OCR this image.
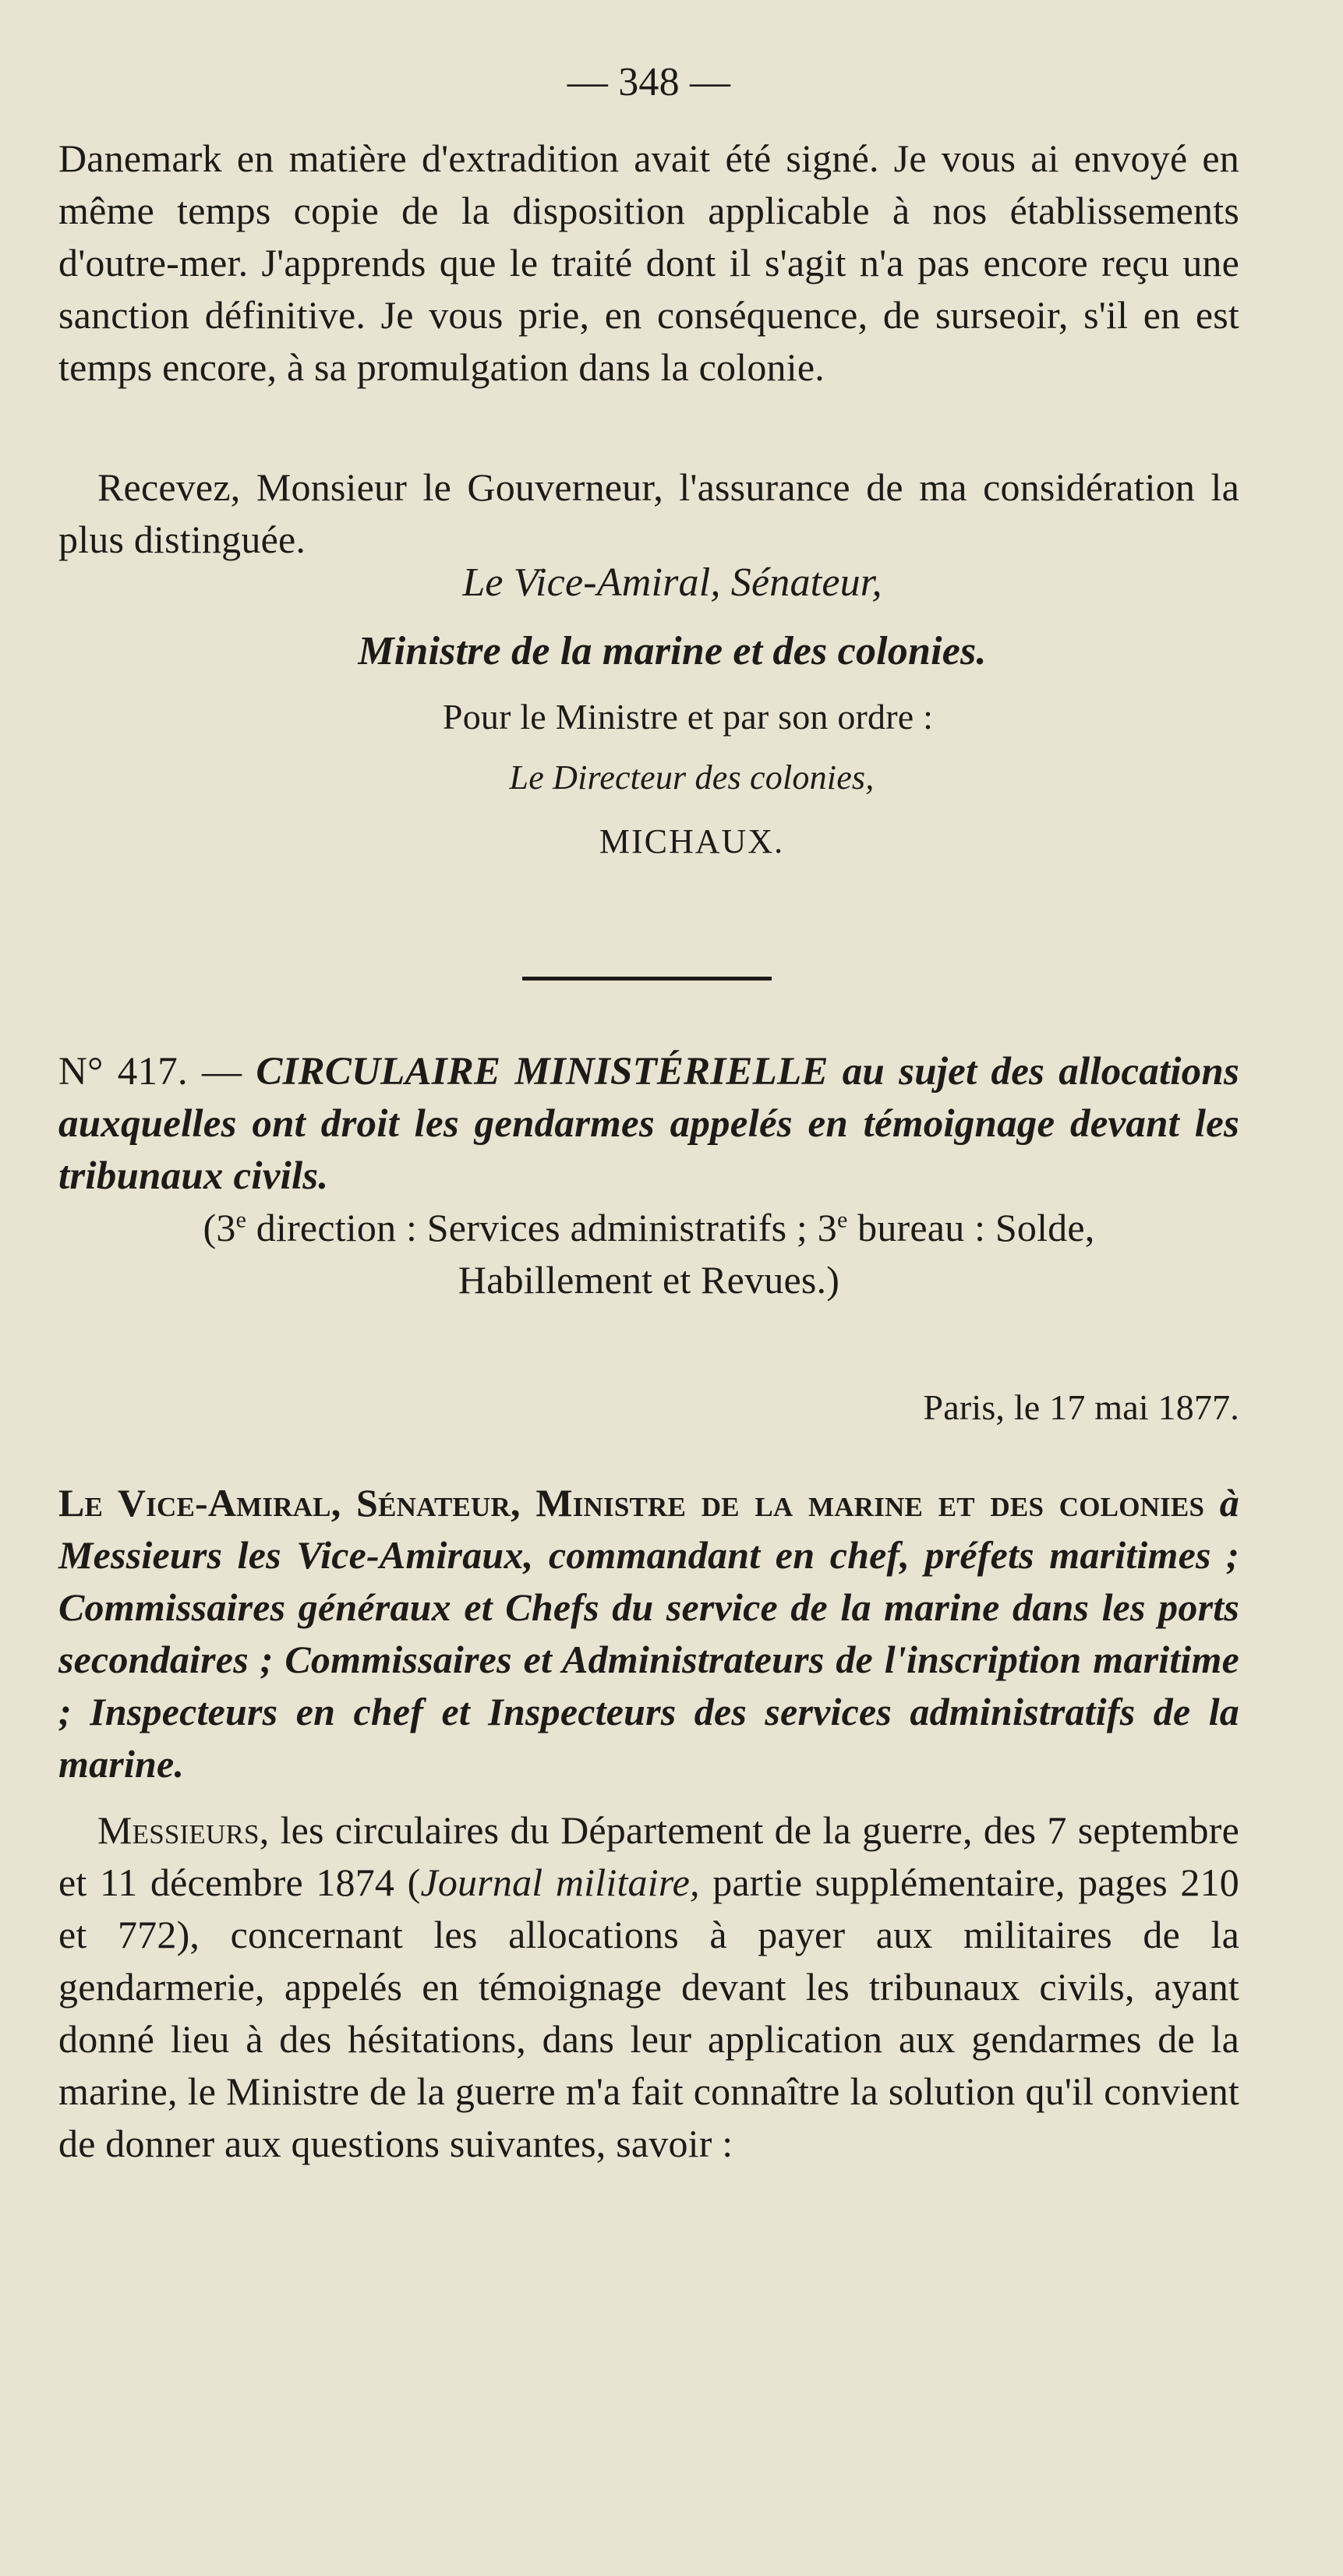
— 348 —
Danemark en matière d'extradition avait été signé. Je vous ai envoyé en même temps copie de la disposition applicable à nos établissements d'outre-mer. J'apprends que le traité dont il s'agit n'a pas encore reçu une sanction définitive. Je vous prie, en conséquence, de surseoir, s'il en est temps encore, à sa promulgation dans la colonie.
Recevez, Monsieur le Gouverneur, l'assurance de ma considération la plus distinguée.
Le Vice-Amiral, Sénateur,
Ministre de la marine et des colonies.
Pour le Ministre et par son ordre :
Le Directeur des colonies,
MICHAUX.
N° 417. — CIRCULAIRE MINISTÉRIELLE au sujet des allocations auxquelles ont droit les gendarmes appelés en témoignage devant les tribunaux civils.
(3e direction : Services administratifs ; 3e bureau : Solde, Habillement et Revues.)
Paris, le 17 mai 1877.
Le Vice-Amiral, Sénateur, Ministre de la marine et des colonies à Messieurs les Vice-Amiraux, commandant en chef, préfets maritimes ; Commissaires généraux et Chefs du service de la marine dans les ports secondaires ; Commissaires et Administrateurs de l'inscription maritime ; Inspecteurs en chef et Inspecteurs des services administratifs de la marine.
Messieurs, les circulaires du Département de la guerre, des 7 septembre et 11 décembre 1874 (Journal militaire, partie supplémentaire, pages 210 et 772), concernant les allocations à payer aux militaires de la gendarmerie, appelés en témoignage devant les tribunaux civils, ayant donné lieu à des hésitations, dans leur application aux gendarmes de la marine, le Ministre de la guerre m'a fait connaître la solution qu'il convient de donner aux questions suivantes, savoir :
